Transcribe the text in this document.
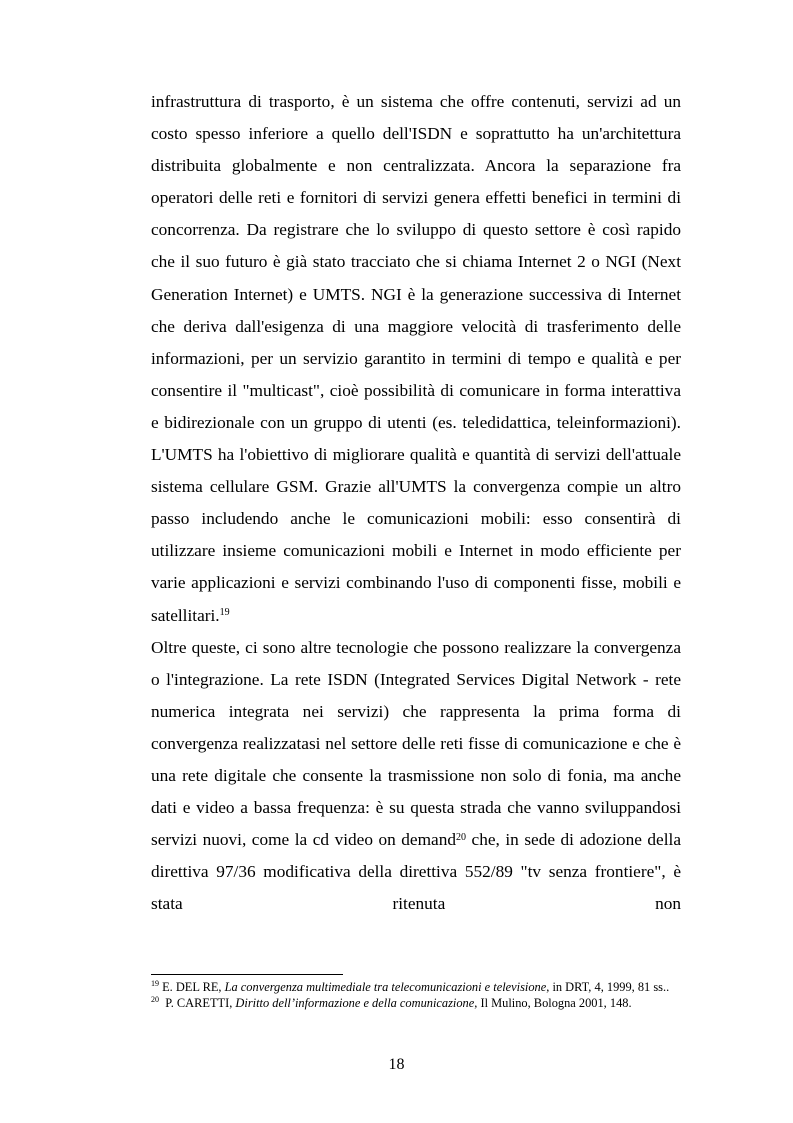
infrastruttura di trasporto, è un sistema che offre contenuti, servizi ad un costo spesso inferiore a quello dell'ISDN e soprattutto ha un'architettura distribuita globalmente e non centralizzata. Ancora la separazione fra operatori delle reti e fornitori di servizi genera effetti benefici in termini di concorrenza. Da registrare che lo sviluppo di questo settore è così rapido che il suo futuro è già stato tracciato che si chiama Internet 2 o NGI (Next Generation Internet) e UMTS. NGI è la generazione successiva di Internet che deriva dall'esigenza di una maggiore velocità di trasferimento delle informazioni, per un servizio garantito in termini di tempo e qualità e per consentire il "multicast", cioè possibilità di comunicare in forma interattiva e bidirezionale con un gruppo di utenti (es. teledidattica, teleinformazioni). L'UMTS ha l'obiettivo di migliorare qualità e quantità di servizi dell'attuale sistema cellulare GSM. Grazie all'UMTS la convergenza compie un altro passo includendo anche le comunicazioni mobili: esso consentirà di utilizzare insieme comunicazioni mobili e Internet in modo efficiente per varie applicazioni e servizi combinando l'uso di componenti fisse, mobili e satellitari.$^{19}$

Oltre queste, ci sono altre tecnologie che possono realizzare la convergenza o l'integrazione. La rete ISDN (Integrated Services Digital Network - rete numerica integrata nei servizi) che rappresenta la prima forma di convergenza realizzatasi nel settore delle reti fisse di comunicazione e che è una rete digitale che consente la trasmissione non solo di fonia, ma anche dati e video a bassa frequenza: è su questa strada che vanno sviluppandosi servizi nuovi, come la cd video on demand$^{20}$ che, in sede di adozione della direttiva 97/36 modificativa della direttiva 552/89 "tv senza frontiere", è stata ritenuta non

$^{19}$ E. DEL RE, La convergenza multimediale tra telecomunicazioni e televisione, in DRT, 4, 1999, 81 ss..

$^{20}$  P. CARETTI, Diritto dell’informazione e della comunicazione, Il Mulino, Bologna 2001, 148.

18
